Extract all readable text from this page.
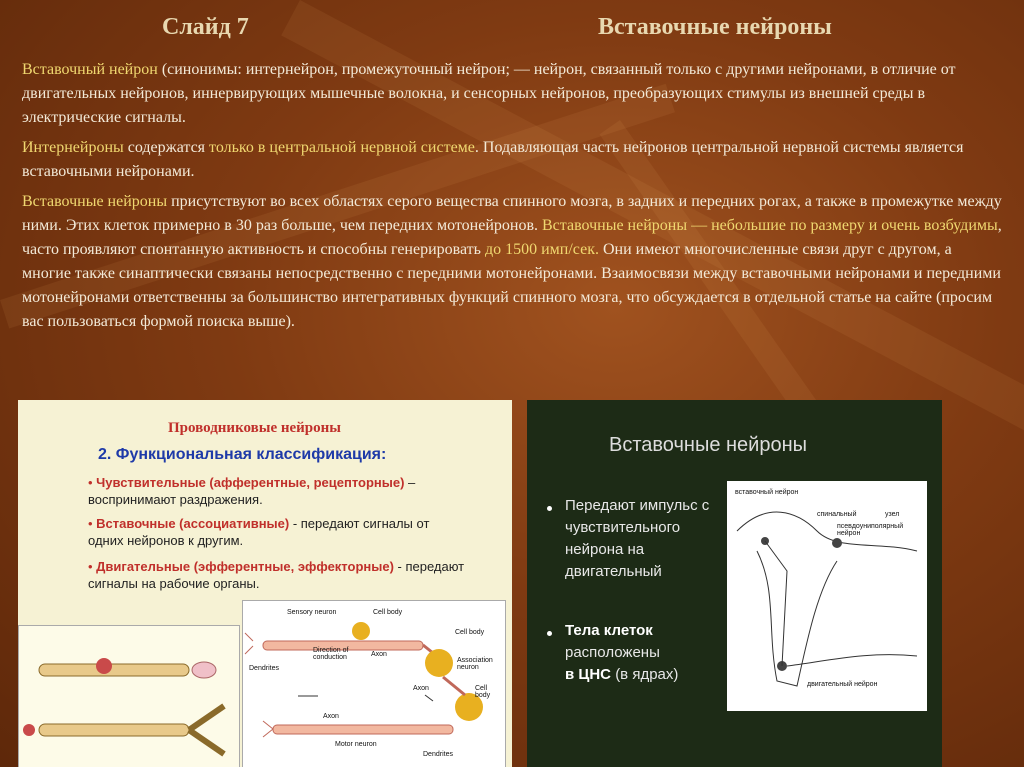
Слайд 7	Вставочные нейроны

Вставочный нейрон (синонимы: интернейрон, промежуточный нейрон; — нейрон, связанный только с другими нейронами, в отличие от двигательных нейронов, иннервирующих мышечные волокна, и сенсорных нейронов, преобразующих стимулы из внешней среды в электрические сигналы.

Интернейроны содержатся только в центральной нервной системе. Подавляющая часть нейронов центральной нервной системы является вставочными нейронами.

Вставочные нейроны присутствуют во всех областях серого вещества спинного мозга, в задних и передних рогах, а также в промежутке между ними. Этих клеток примерно в 30 раз больше, чем передних мотонейронов. Вставочные нейроны — небольшие по размеру и очень возбудимы, часто проявляют спонтанную активность и способны генерировать до 1500 имп/сек. Они имеют многочисленные связи друг с другом, а многие также синаптически связаны непосредственно с передними мотонейронами. Взаимосвязи между вставочными нейронами и передними мотонейронами ответственны за большинство интегративных функций спинного мозга, что обсуждается в отдельной статье на сайте (просим вас пользоваться формой поиска выше).

Проводниковые нейроны
2. Функциональная классификация:
• Чувствительные (афферентные, рецепторные) – воспринимают раздражения.
• Вставочные (ассоциативные) - передают сигналы от одних нейронов к другим.
• Двигательные (эфферентные, эффекторные) - передают сигналы на рабочие органы.
Sensory neuron	Cell body
Direction of conduction	Axon
Dendrites
Cell body
Association neuron
Axon	Cell body
Axon
Motor neuron
Dendrites
Вставочные нейроны
Передают импульс с чувствительного нейрона на двигательный
Тела клеток
расположены
в ЦНС (в ядрах)
вставочный нейрон
спинальный	узел
псевдоуниполярный нейрон
двигательный нейрон
